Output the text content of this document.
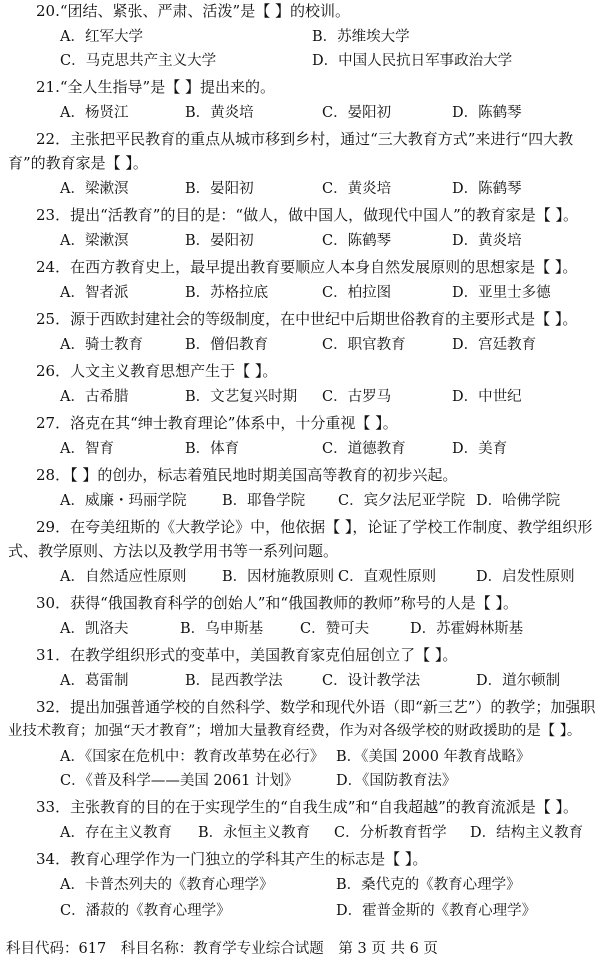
20.“团结、紧张、严肃、活泼”是【 】的校训。
A．红军大学	B．苏维埃大学
C．马克思共产主义大学	D．中国人民抗日军事政治大学
21.“全人生指导”是【 】提出来的。
A．杨贤江	B．黄炎培	C．晏阳初	D．陈鹤琴
22．主张把平民教育的重点从城市移到乡村，通过“三大教育方式”来进行“四大教
育”的教育家是【 】。
A．梁漱溟	B．晏阳初	C．黄炎培	D．陈鹤琴
23．提出“活教育”的目的是：“做人，做中国人，做现代中国人”的教育家是【 】。
A．梁漱溟	B．晏阳初	C．陈鹤琴	D．黄炎培
24．在西方教育史上，最早提出教育要顺应人本身自然发展原则的思想家是【 】。
A．智者派	B．苏格拉底	C．柏拉图	D．亚里士多德
25．源于西欧封建社会的等级制度，在中世纪中后期世俗教育的主要形式是【 】。
A．骑士教育	B．僧侣教育	C．职官教育	D．宫廷教育
26．人文主义教育思想产生于【 】。
A．古希腊	B．文艺复兴时期 C．古罗马	D．中世纪
27．洛克在其“绅士教育理论”体系中，十分重视【 】。
A．智育	B．体育	C．道德教育	D．美育
28．【 】的创办，标志着殖民地时期美国高等教育的初步兴起。
A．威廉・玛丽学院 B．耶鲁学院 C．宾夕法尼亚学院 D．哈佛学院
29．在夸美纽斯的《大教学论》中，他依据【 】，论证了学校工作制度、教学组织形
式、教学原则、方法以及教学用书等一系列问题。
A．自然适应性原则 B．因材施教原则 C．直观性原则	D．启发性原则
30．获得“俄国教育科学的创始人”和“俄国教师的教师”称号的人是【 】。
A．凯洛夫	B．乌申斯基	C．赞可夫	D．苏霍姆林斯基
31．在教学组织形式的变革中，美国教育家克伯屈创立了【 】。
A．葛雷制	B．昆西教学法	C．设计教学法	D．道尔顿制
32．提出加强普通学校的自然科学、数学和现代外语（即“新三艺”）的教学；加强职
业技术教育；加强“天才教育”；增加大量教育经费，作为对各级学校的财政援助的是【 】。
A．《国家在危机中：教育改革势在必行》 B．《美国 2000 年教育战略》
C．《普及科学——美国 2061 计划》	D．《国防教育法》
33．主张教育的目的在于实现学生的“自我生成”和“自我超越”的教育流派是【 】。
A．存在主义教育 B．永恒主义教育 C．分析教育哲学 D．结构主义教育
34．教育心理学作为一门独立的学科其产生的标志是【 】。
A．卡普杰列夫的《教育心理学》	B．桑代克的《教育心理学》
C．潘菽的《教育心理学》	D．霍普金斯的《教育心理学》
科目代码：617 科目名称：教育学专业综合试题 第 3 页 共 6 页
